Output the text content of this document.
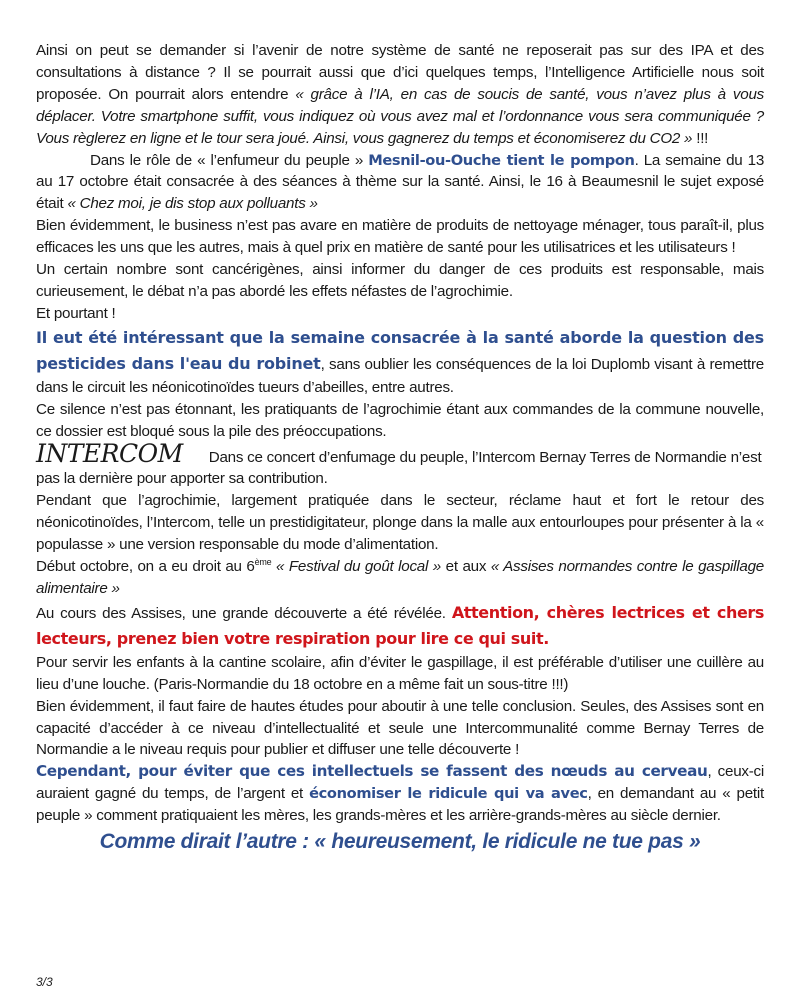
Ainsi on peut se demander si l’avenir de notre système de santé ne reposerait pas sur des IPA et des consultations à distance ? Il se pourrait aussi que d’ici quelques temps, l’Intelligence Artificielle nous soit proposée. On pourrait alors entendre « grâce à l’IA, en cas de soucis de santé, vous n’avez plus à vous déplacer. Votre smartphone suffit, vous indiquez où vous avez mal et l’ordonnance vous sera communiquée ? Vous règlerez en ligne et le tour sera joué. Ainsi, vous gagnerez du temps et économiserez du CO2 » !!!

Dans le rôle de « l’enfumeur du peuple » Mesnil-ou-Ouche tient le pompon. La semaine du 13 au 17 octobre était consacrée à des séances à thème sur la santé. Ainsi, le 16 à Beaumesnil le sujet exposé était « Chez moi, je dis stop aux polluants »

Bien évidemment, le business n’est pas avare en matière de produits de nettoyage ménager, tous paraît-il, plus efficaces les uns que les autres, mais à quel prix en matière de santé pour les utilisatrices et les utilisateurs !

Un certain nombre sont cancérigènes, ainsi informer du danger de ces produits est responsable, mais curieusement, le débat n’a pas abordé les effets néfastes de l’agrochimie.

Et pourtant !

Il eut été intéressant que la semaine consacrée à la santé aborde la question des pesticides dans l'eau du robinet, sans oublier les conséquences de la loi Duplomb visant à remettre dans le circuit les néonicotinoïdes tueurs d’abeilles, entre autres.

Ce silence n’est pas étonnant, les pratiquants de l’agrochimie étant aux commandes de la commune nouvelle, ce dossier est bloqué sous la pile des préoccupations.

INTERCOM Dans ce concert d’enfumage du peuple, l’Intercom Bernay Terres de Normandie n’est pas la dernière pour apporter sa contribution.

Pendant que l’agrochimie, largement pratiquée dans le secteur, réclame haut et fort le retour des néonicotinoïdes, l’Intercom, telle un prestidigitateur, plonge dans la malle aux entourloupes pour présenter à la « populasse » une version responsable du mode d’alimentation.

Début octobre, on a eu droit au 6ème « Festival du goût local » et aux « Assises normandes contre le gaspillage alimentaire »

Au cours des Assises, une grande découverte a été révélée. Attention, chères lectrices et chers lecteurs, prenez bien votre respiration pour lire ce qui suit.

Pour servir les enfants à la cantine scolaire, afin d’éviter le gaspillage, il est préférable d’utiliser une cuillère au lieu d’une louche. (Paris-Normandie du 18 octobre en a même fait un sous-titre !!!)

Bien évidemment, il faut faire de hautes études pour aboutir à une telle conclusion. Seules, des Assises sont en capacité d’accéder à ce niveau d’intellectualité et seule une Intercommunalité comme Bernay Terres de Normandie a le niveau requis pour publier et diffuser une telle découverte !

Cependant, pour éviter que ces intellectuels se fassent des nœuds au cerveau, ceux-ci auraient gagné du temps, de l’argent et économiser le ridicule qui va avec, en demandant au « petit peuple » comment pratiquaient les mères, les grands-mères et les arrière-grands-mères au siècle dernier.

Comme dirait l’autre : « heureusement, le ridicule ne tue pas »

3/3
